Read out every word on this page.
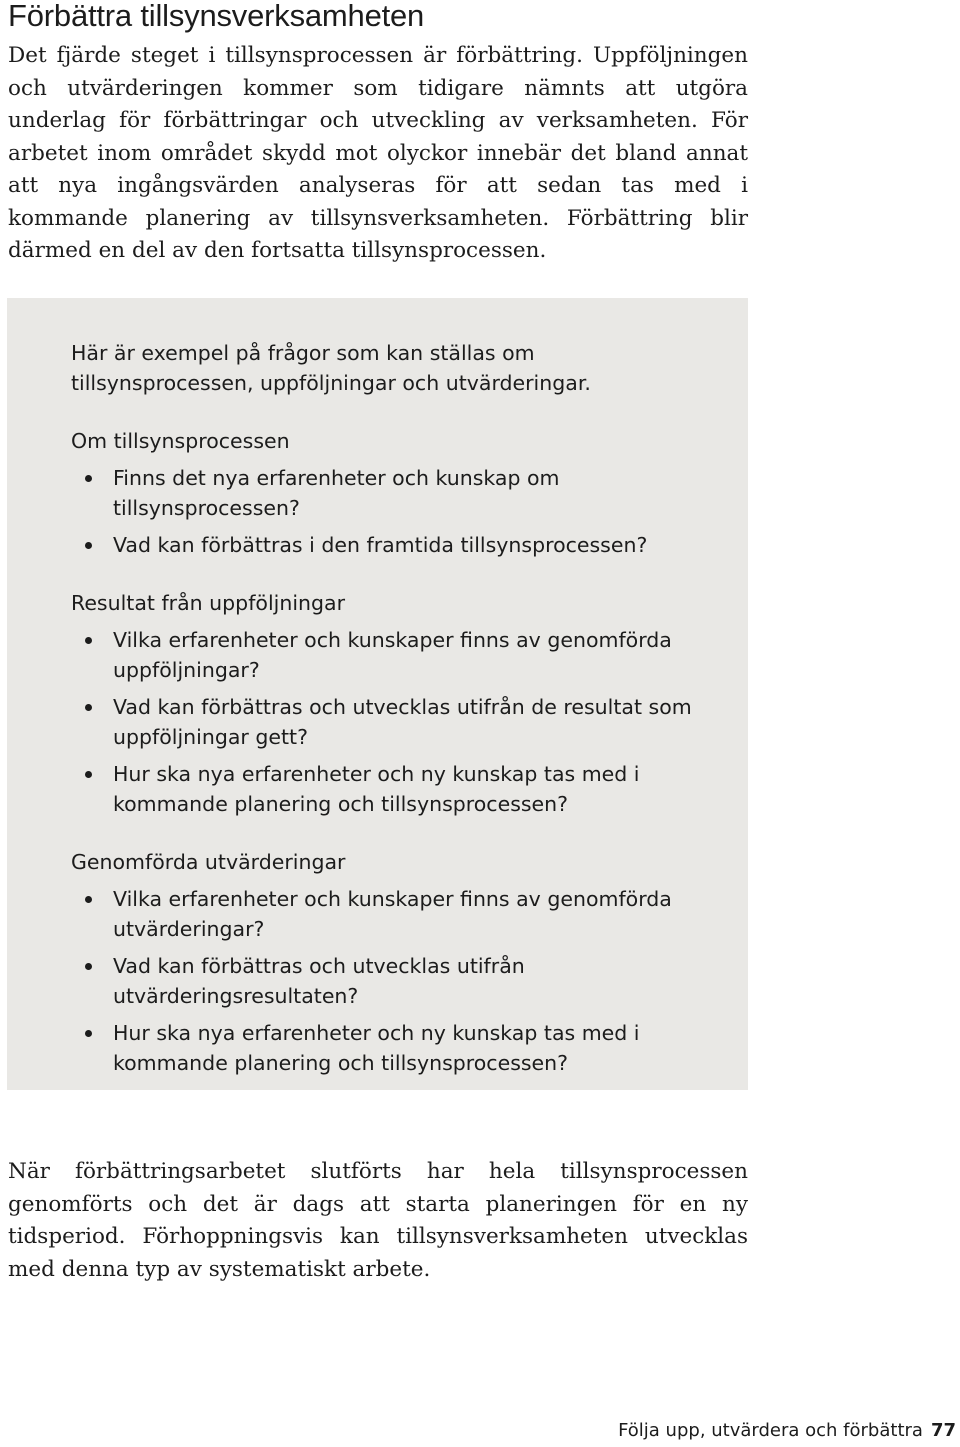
Förbättra tillsynsverksamheten

Det fjärde steget i tillsynsprocessen är förbättring. Uppföljningen och utvärderingen kommer som tidigare nämnts att utgöra underlag för förbättringar och utveckling av verksamheten. För arbetet inom området skydd mot olyckor innebär det bland annat att nya ingångsvärden analyseras för att sedan tas med i kommande planering av tillsynsverksamheten. Förbättring blir därmed en del av den fortsatta tillsynsprocessen.

Här är exempel på frågor som kan ställas om tillsynsprocessen, uppföljningar och utvärderingar.

Om tillsynsprocessen

Finns det nya erfarenheter och kunskap om tillsynsprocessen?
Vad kan förbättras i den framtida tillsynsprocessen?

Resultat från uppföljningar

Vilka erfarenheter och kunskaper finns av genomförda uppföljningar?
Vad kan förbättras och utvecklas utifrån de resultat som uppföljningar gett?
Hur ska nya erfarenheter och ny kunskap tas med i kommande planering och tillsynsprocessen?

Genomförda utvärderingar

Vilka erfarenheter och kunskaper finns av genomförda utvärderingar?
Vad kan förbättras och utvecklas utifrån utvärderingsresultaten?
Hur ska nya erfarenheter och ny kunskap tas med i kommande planering och tillsynsprocessen?

När förbättringsarbetet slutförts har hela tillsynsprocessen genomförts och det är dags att starta planeringen för en ny tidsperiod. Förhoppningsvis kan tillsynsverksamheten utvecklas med denna typ av systematiskt arbete.

Följa upp, utvärdera och förbättra 77
